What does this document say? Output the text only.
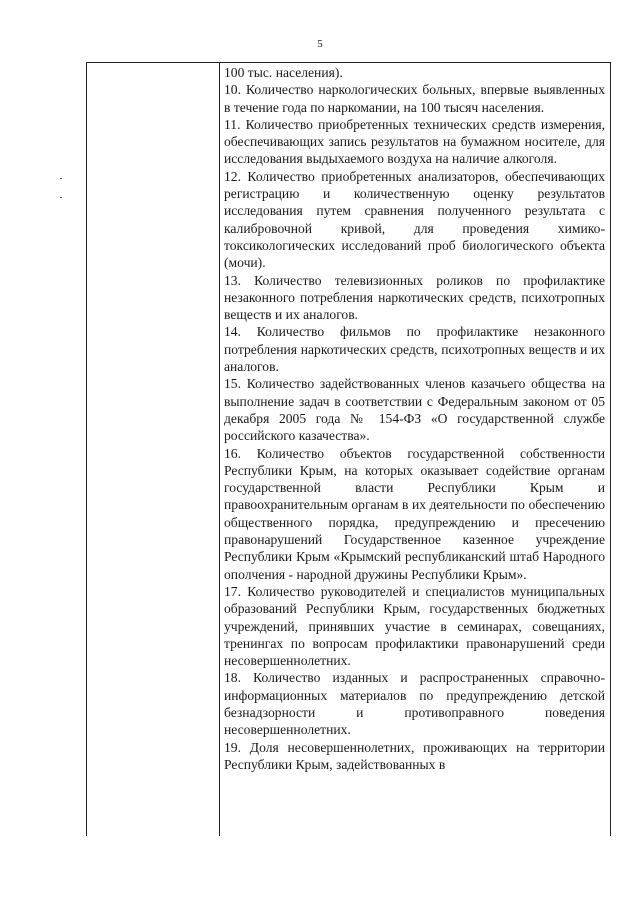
5

100 тыс. населения).

10. Количество наркологических больных, впервые выявленных в течение года по наркомании, на 100 тысяч населения.

11. Количество приобретенных технических средств измерения, обеспечивающих запись результатов на бумажном носителе, для исследования выдыхаемого воздуха на наличие алкоголя.

12. Количество приобретенных анализаторов, обеспечивающих регистрацию и количественную оценку результатов исследования путем сравнения полученного результата с калибровочной кривой, для проведения химико-токсикологических исследований проб биологического объекта (мочи).

13. Количество телевизионных роликов по профилактике незаконного потребления наркотических средств, психотропных веществ и их аналогов.

14. Количество фильмов по профилактике незаконного потребления наркотических средств, психотропных веществ и их аналогов.

15. Количество задействованных членов казачьего общества на выполнение задач в соответствии с Федеральным законом от 05 декабря 2005 года № 154-ФЗ «О государственной службе российского казачества».

16. Количество объектов государственной собственности Республики Крым, на которых оказывает содействие органам государственной власти Республики Крым и правоохранительным органам в их деятельности по обеспечению общественного порядка, предупреждению и пресечению правонарушений Государственное казенное учреждение Республики Крым «Крымский республиканский штаб Народного ополчения - народной дружины Республики Крым».

17. Количество руководителей и специалистов муниципальных образований Республики Крым, государственных бюджетных учреждений, принявших участие в семинарах, совещаниях, тренингах по вопросам профилактики правонарушений среди несовершеннолетних.

18. Количество изданных и распространенных справочно-информационных материалов по предупреждению детской безнадзорности и противоправного поведения несовершеннолетних.

19. Доля несовершеннолетних, проживающих на территории Республики Крым, задействованных в
